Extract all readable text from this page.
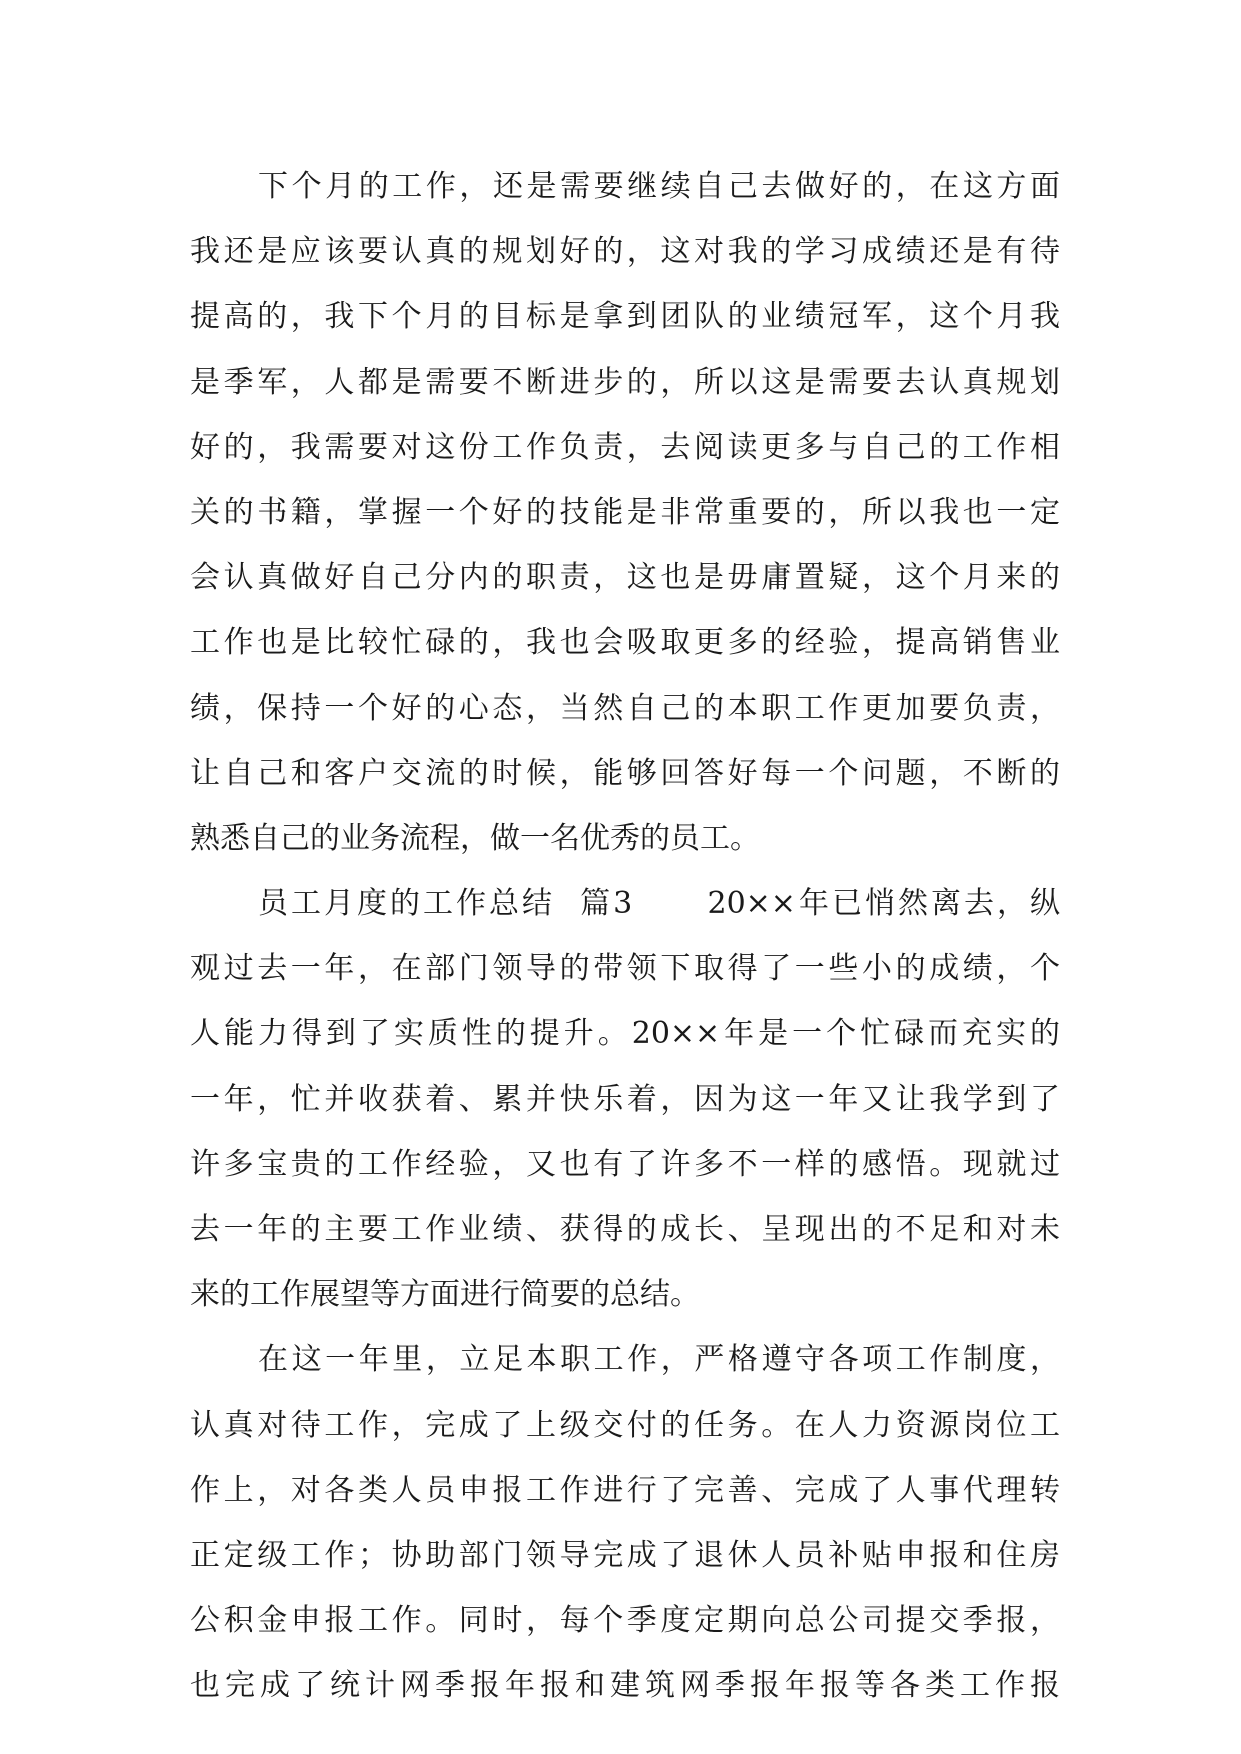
下个月的工作，还是需要继续自己去做好的，在这方面
我还是应该要认真的规划好的，这对我的学习成绩还是有待
提高的，我下个月的目标是拿到团队的业绩冠军，这个月我
是季军，人都是需要不断进步的，所以这是需要去认真规划
好的，我需要对这份工作负责，去阅读更多与自己的工作相
关的书籍，掌握一个好的技能是非常重要的，所以我也一定
会认真做好自己分内的职责，这也是毋庸置疑，这个月来的
工作也是比较忙碌的，我也会吸取更多的经验，提高销售业
绩，保持一个好的心态，当然自己的本职工作更加要负责，
让自己和客户交流的时候，能够回答好每一个问题，不断的
熟悉自己的业务流程，做一名优秀的员工。
员工月度的工作总结  篇3      20××年已悄然离去，纵
观过去一年，在部门领导的带领下取得了一些小的成绩，个
人能力得到了实质性的提升。20××年是一个忙碌而充实的
一年，忙并收获着、累并快乐着，因为这一年又让我学到了
许多宝贵的工作经验，又也有了许多不一样的感悟。现就过
去一年的主要工作业绩、获得的成长、呈现出的不足和对未
来的工作展望等方面进行简要的总结。
在这一年里，立足本职工作，严格遵守各项工作制度，
认真对待工作，完成了上级交付的任务。在人力资源岗位工
作上，对各类人员申报工作进行了完善、完成了人事代理转
正定级工作；协助部门领导完成了退休人员补贴申报和住房
公积金申报工作。同时，每个季度定期向总公司提交季报，
也完成了统计网季报年报和建筑网季报年报等各类工作报
